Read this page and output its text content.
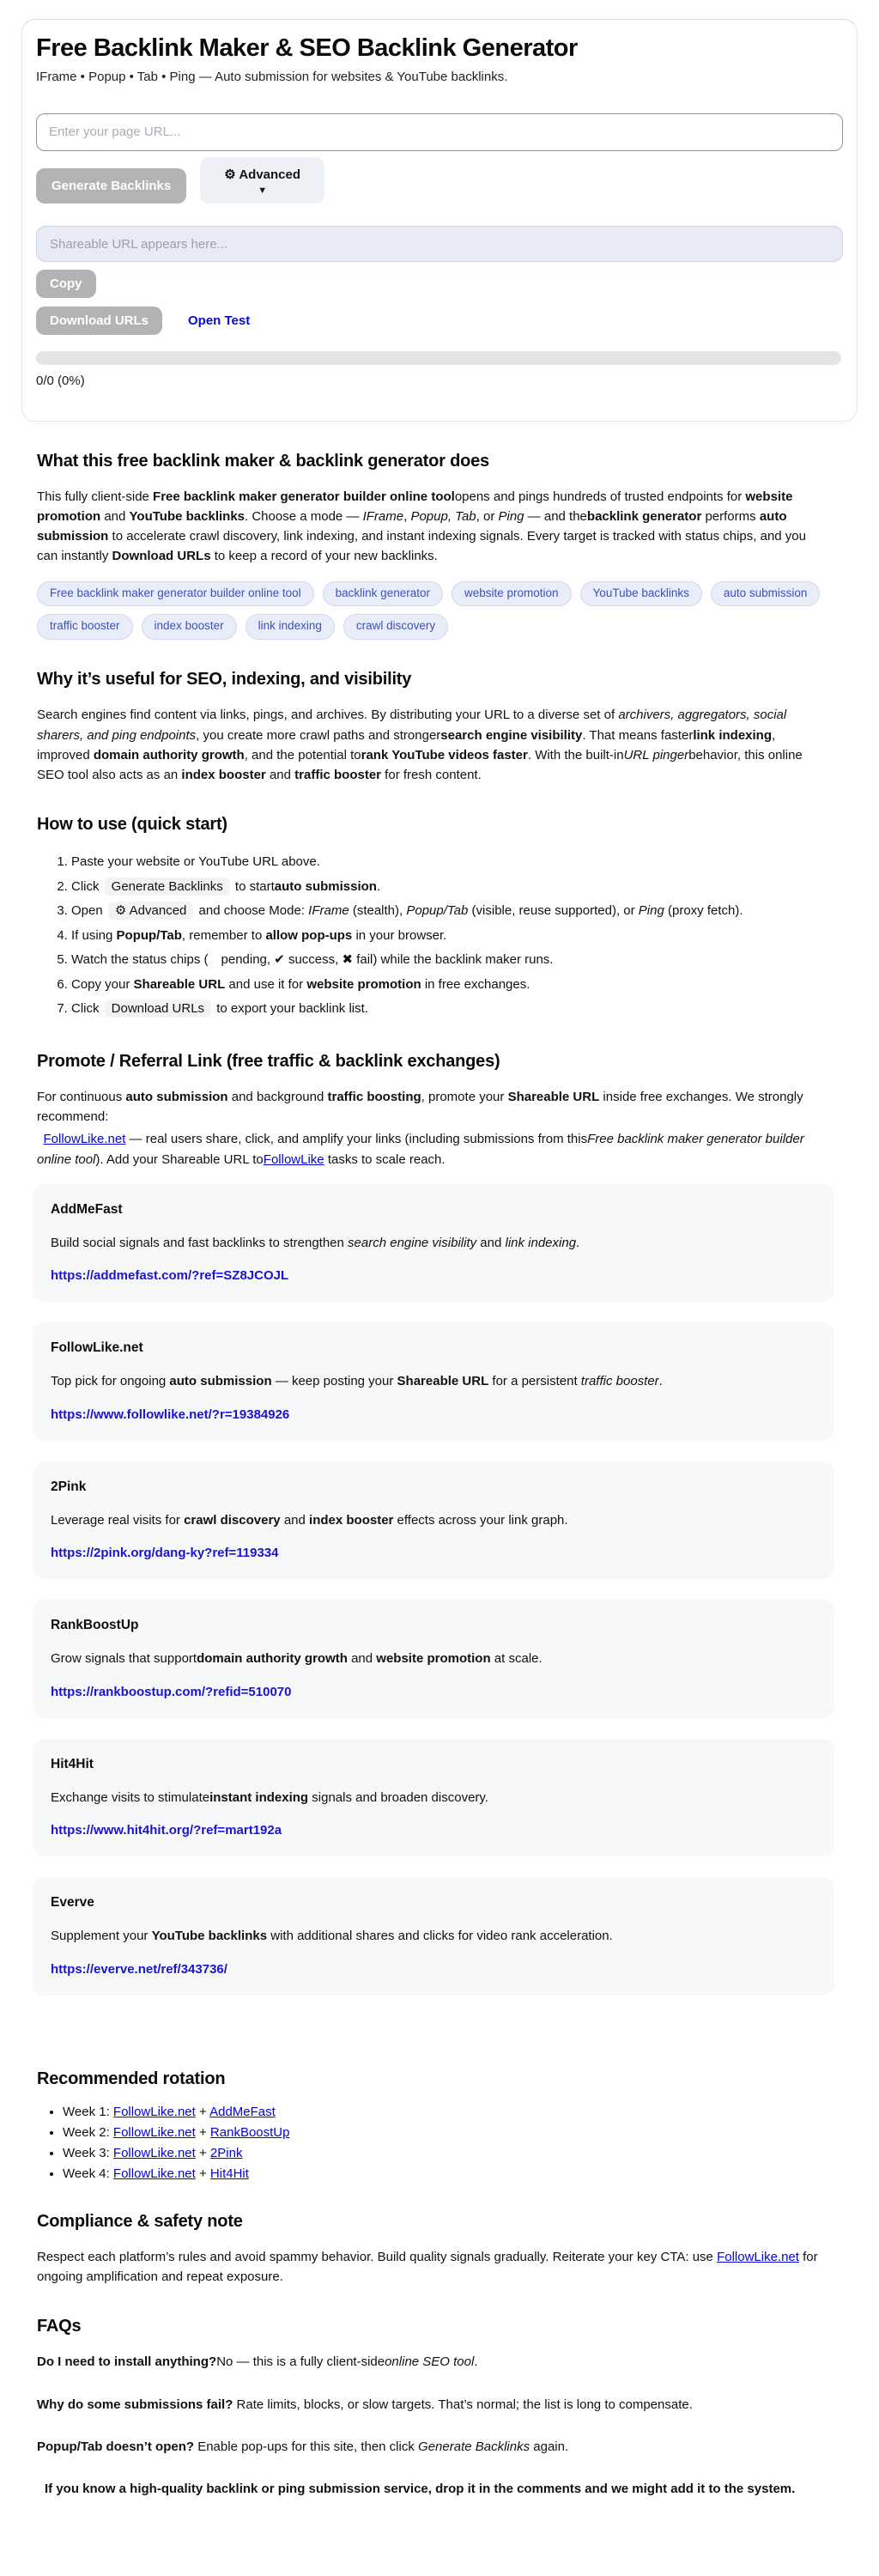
Free Backlink Maker & SEO Backlink Generator

IFrame • Popup • Tab • Ping — Auto submission for websites & YouTube backlinks.

Enter your page URL...
Generate Backlinks
⚙ Advanced
▼
Shareable URL appears here...
Copy
Download URLs	Open Test
0/0 (0%)
What this free backlink maker & backlink generator does

This fully client-side Free backlink maker generator builder online toolopens and pings hundreds of trusted endpoints for website promotion and YouTube backlinks. Choose a mode — IFrame, Popup, Tab, or Ping — and thebacklink generator performs auto submission to accelerate crawl discovery, link indexing, and instant indexing signals. Every target is tracked with status chips, and you can instantly Download URLs to keep a record of your new backlinks.

Free backlink maker generator builder online tool	backlink generator	website promotion	YouTube backlinks	auto submission
traffic booster	index booster	link indexing	crawl discovery
Why it’s useful for SEO, indexing, and visibility

Search engines find content via links, pings, and archives. By distributing your URL to a diverse set of archivers, aggregators, social sharers, and ping endpoints, you create more crawl paths and strongersearch engine visibility. That means fasterlink indexing, improved domain authority growth, and the potential torank YouTube videos faster. With the built-inURL pingerbehavior, this online SEO tool also acts as an index booster and traffic booster for fresh content.

How to use (quick start)
1. Paste your website or YouTube URL above.
2. Click Generate Backlinks to startauto submission.
3. Open ⚙ Advanced and choose Mode: IFrame (stealth), Popup/Tab (visible, reuse supported), or Ping (proxy fetch).
4. If using Popup/Tab, remember to allow pop-ups in your browser.
5. Watch the status chips ( pending, ✔ success, ✖ fail) while the backlink maker runs.
6. Copy your Shareable URL and use it for website promotion in free exchanges.
7. Click Download URLs to export your backlink list.
Promote / Referral Link (free traffic & backlink exchanges)

For continuous auto submission and background traffic boosting, promote your Shareable URL inside free exchanges. We strongly recommend:

 FollowLike.net — real users share, click, and amplify your links (including submissions from thisFree backlink maker generator builder online tool). Add your Shareable URL toFollowLike tasks to scale reach.

AddMeFast

Build social signals and fast backlinks to strengthen search engine visibility and link indexing.

https://addmefast.com/?ref=SZ8JCOJL
FollowLike.net

Top pick for ongoing auto submission — keep posting your Shareable URL for a persistent traffic booster.

https://www.followlike.net/?r=19384926
2Pink

Leverage real visits for crawl discovery and index booster effects across your link graph.

https://2pink.org/dang-ky?ref=119334
RankBoostUp

Grow signals that supportdomain authority growth and website promotion at scale.

https://rankboostup.com/?refid=510070
Hit4Hit

Exchange visits to stimulateinstant indexing signals and broaden discovery.

https://www.hit4hit.org/?ref=mart192a
Everve

Supplement your YouTube backlinks with additional shares and clicks for video rank acceleration.

https://everve.net/ref/343736/
Recommended rotation
• Week 1: FollowLike.net + AddMeFast
• Week 2: FollowLike.net + RankBoostUp
• Week 3: FollowLike.net + 2Pink
• Week 4: FollowLike.net + Hit4Hit
Compliance & safety note

Respect each platform’s rules and avoid spammy behavior. Build quality signals gradually. Reiterate your key CTA: use FollowLike.net for ongoing amplification and repeat exposure.

FAQs

Do I need to install anything?No — this is a fully client-sideonline SEO tool.

Why do some submissions fail? Rate limits, blocks, or slow targets. That’s normal; the list is long to compensate.

Popup/Tab doesn’t open? Enable pop-ups for this site, then click Generate Backlinks again.

If you know a high-quality backlink or ping submission service, drop it in the comments and we might add it to the system.
